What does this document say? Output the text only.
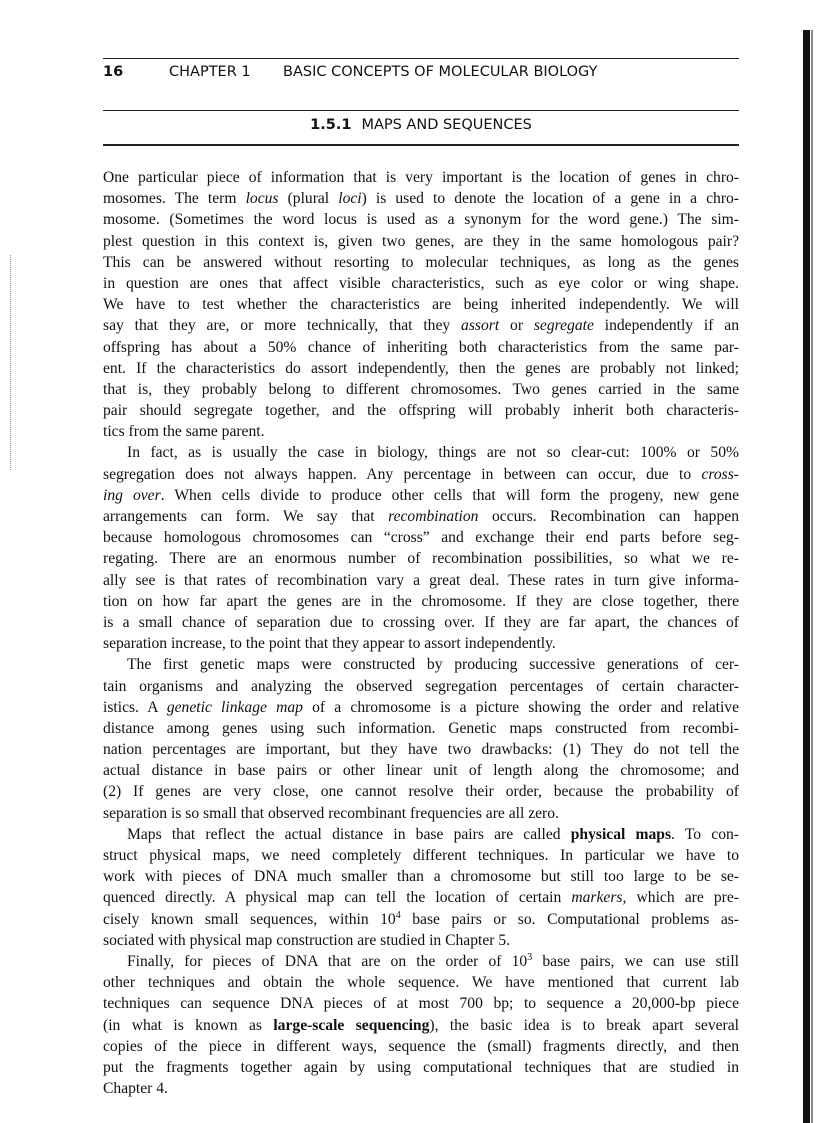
16	CHAPTER 1 BASIC CONCEPTS OF MOLECULAR BIOLOGY
1.5.1 MAPS AND SEQUENCES
One particular piece of information that is very important is the location of genes in chro-
mosomes. The term locus (plural loci) is used to denote the location of a gene in a chro-
mosome. (Sometimes the word locus is used as a synonym for the word gene.) The sim-
plest question in this context is, given two genes, are they in the same homologous pair?
This can be answered without resorting to molecular techniques, as long as the genes
in question are ones that affect visible characteristics, such as eye color or wing shape.
We have to test whether the characteristics are being inherited independently. We will
say that they are, or more technically, that they assort or segregate independently if an
offspring has about a 50% chance of inheriting both characteristics from the same par-
ent. If the characteristics do assort independently, then the genes are probably not linked;
that is, they probably belong to different chromosomes. Two genes carried in the same
pair should segregate together, and the offspring will probably inherit both characteris-
tics from the same parent.
In fact, as is usually the case in biology, things are not so clear-cut: 100% or 50%
segregation does not always happen. Any percentage in between can occur, due to cross-
ing over. When cells divide to produce other cells that will form the progeny, new gene
arrangements can form. We say that recombination occurs. Recombination can happen
because homologous chromosomes can “cross” and exchange their end parts before seg-
regating. There are an enormous number of recombination possibilities, so what we re-
ally see is that rates of recombination vary a great deal. These rates in turn give informa-
tion on how far apart the genes are in the chromosome. If they are close together, there
is a small chance of separation due to crossing over. If they are far apart, the chances of
separation increase, to the point that they appear to assort independently.
The first genetic maps were constructed by producing successive generations of cer-
tain organisms and analyzing the observed segregation percentages of certain character-
istics. A genetic linkage map of a chromosome is a picture showing the order and relative
distance among genes using such information. Genetic maps constructed from recombi-
nation percentages are important, but they have two drawbacks: (1) They do not tell the
actual distance in base pairs or other linear unit of length along the chromosome; and
(2) If genes are very close, one cannot resolve their order, because the probability of
separation is so small that observed recombinant frequencies are all zero.
Maps that reflect the actual distance in base pairs are called physical maps. To con-
struct physical maps, we need completely different techniques. In particular we have to
work with pieces of DNA much smaller than a chromosome but still too large to be se-
quenced directly. A physical map can tell the location of certain markers, which are pre-
cisely known small sequences, within $10^4$ base pairs or so. Computational problems as-
sociated with physical map construction are studied in Chapter 5.
Finally, for pieces of DNA that are on the order of $10^3$ base pairs, we can use still
other techniques and obtain the whole sequence. We have mentioned that current lab
techniques can sequence DNA pieces of at most 700 bp; to sequence a 20,000-bp piece
(in what is known as large-scale sequencing), the basic idea is to break apart several
copies of the piece in different ways, sequence the (small) fragments directly, and then
put the fragments together again by using computational techniques that are studied in
Chapter 4.
